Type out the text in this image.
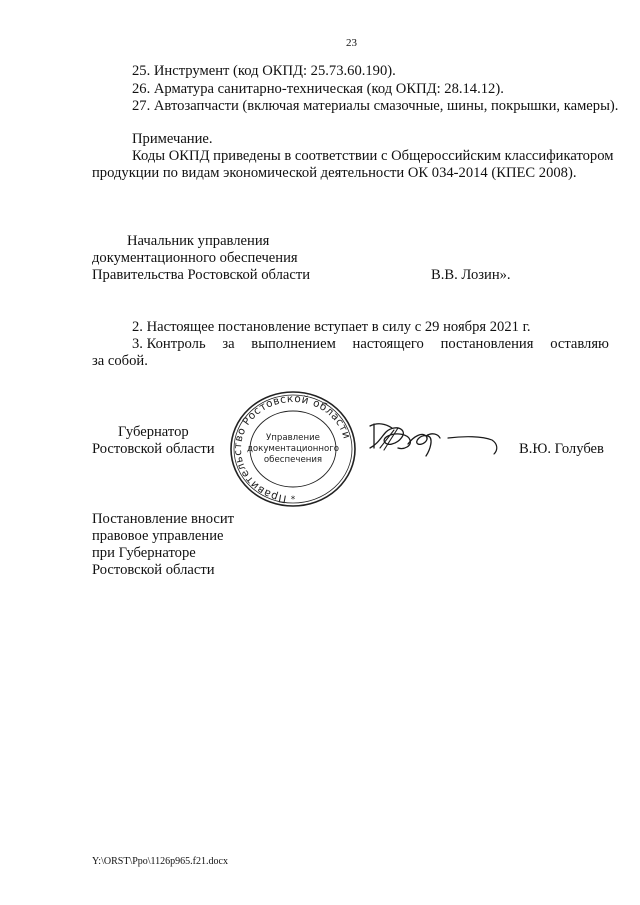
23
25. Инструмент (код ОКПД: 25.73.60.190).
26. Арматура санитарно-техническая (код ОКПД: 28.14.12).
27. Автозапчасти (включая материалы смазочные, шины, покрышки, камеры).
Примечание.
Коды ОКПД приведены в соответствии с Общероссийским классификатором
продукции по видам экономической деятельности ОК 034-2014 (КПЕС 2008).
Начальник управления
документационного обеспечения
Правительства Ростовской области	В.В. Лозин».
2. Настоящее постановление вступает в силу с 29 ноября 2021 г.
3. Контроль за выполнением настоящего постановления оставляю
за собой.
Губернатор
Ростовской области	В.Ю. Голубев
Правительство Ростовской области
Управление
документационного
обеспечения
*
Постановление вносит
правовое управление
при Губернаторе
Ростовской области
Y:\ORST\Ppo\1126p965.f21.docx
